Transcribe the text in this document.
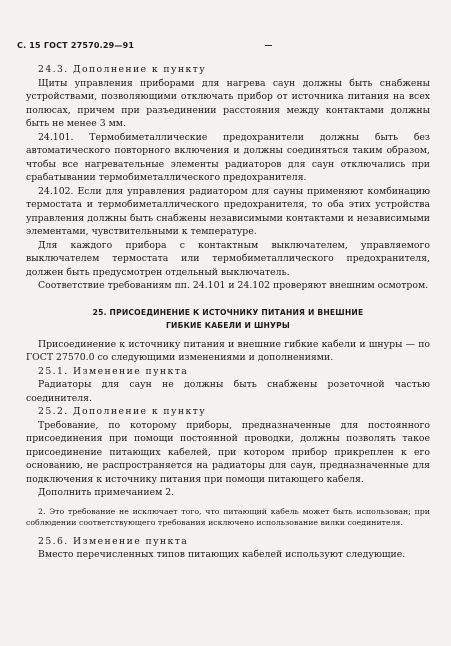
С. 15 ГОСТ 27570.29—91

24.3. Дополнение к пункту

Щиты управления приборами для нагрева саун должны быть снабжены устройствами, позволяющими отключать прибор от источника питания на всех полюсах, причем при разъединении расстояния между контактами должны быть не менее 3 мм.

24.101. Термобиметаллические предохранители должны быть без автоматического повторного включения и должны соединяться таким образом, чтобы все нагревательные элементы радиаторов для саун отключались при срабатывании термобиметаллического предохранителя.

24.102. Если для управления радиатором для сауны применяют комбинацию термостата и термобиметаллического предохранителя, то оба этих устройства управления должны быть снабжены независимыми контактами и независимыми элементами, чувствительными к температуре.

Для каждого прибора с контактным выключателем, управляемого выключателем термостата или термобиметаллического предохранителя, должен быть предусмотрен отдельный выключатель.

Соответствие требованиям пп. 24.101 и 24.102 проверяют внешним осмотром.

25. ПРИСОЕДИНЕНИЕ К ИСТОЧНИКУ ПИТАНИЯ И ВНЕШНИЕ

ГИБКИЕ КАБЕЛИ И ШНУРЫ

Присоединение к источнику питания и внешние гибкие кабели и шнуры — по ГОСТ 27570.0 со следующими изменениями и дополнениями.

25.1. Изменение пункта

Радиаторы для саун не должны быть снабжены розеточной частью соединителя.

25.2. Дополнение к пункту

Требование, по которому приборы, предназначенные для постоянного присоединения при помощи постоянной проводки, должны позволять такое присоединение питающих кабелей, при котором прибор прикреплен к его основанию, не распространяется на радиаторы для саун, предназначенные для подключения к источнику питания при помощи питающего кабеля.

Дополнить примечанием 2.

2. Это требование не исключает того, что питающий кабель может быть использован; при соблюдении соответствующего требования исключено использование вилки соединителя.

25.6. Изменение пункта

Вместо перечисленных типов питающих кабелей используют следующие.
